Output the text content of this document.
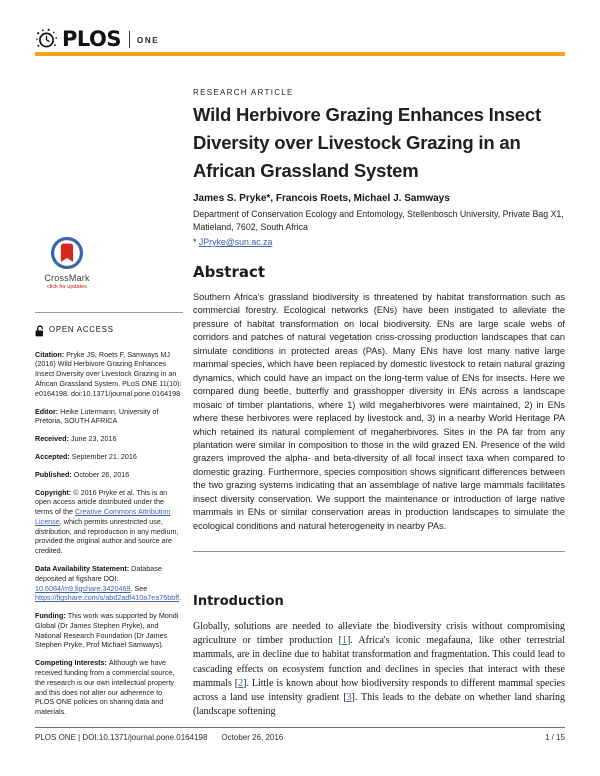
PLOS ONE
CrossMark
click for updates
OPEN ACCESS

Citation: Pryke JS, Roets F, Samways MJ (2016) Wild Herbivore Grazing Enhances Insect Diversity over Livestock Grazing in an African Grassland System. PLoS ONE 11(10): e0164198. doi:10.1371/journal.pone.0164198

Editor: Heike Lutermann, University of Pretoria, SOUTH AFRICA

Received: June 23, 2016

Accepted: September 21, 2016

Published: October 26, 2016

Copyright: © 2016 Pryke et al. This is an open access article distributed under the terms of the Creative Commons Attribution License, which permits unrestricted use, distribution, and reproduction in any medium, provided the original author and source are credited.

Data Availability Statement: Database deposited at figshare DOI: 10.6084/m9.figshare.3420469. See https://figshare.com/s/abd2adf410a7ea75bbff.

Funding: This work was supported by Mondi Global (Dr James Stephen Pryke), and National Research Foundation (Dr James Stephen Pryke, Prof Michael Samways).

Competing Interests: Although we have received funding from a commercial source, the research is our own intellectual property and this does not alter our adherence to PLOS ONE policies on sharing data and materials.

RESEARCH ARTICLE
Wild Herbivore Grazing Enhances Insect Diversity over Livestock Grazing in an African Grassland System
James S. Pryke*, Francois Roets, Michael J. Samways
Department of Conservation Ecology and Entomology, Stellenbosch University, Private Bag X1, Matieland, 7602, South Africa
* JPryke@sun.ac.za
Abstract

Southern Africa's grassland biodiversity is threatened by habitat transformation such as commercial forestry. Ecological networks (ENs) have been instigated to alleviate the pressure of habitat transformation on local biodiversity. ENs are large scale webs of corridors and patches of natural vegetation criss-crossing production landscapes that can simulate conditions in protected areas (PAs). Many ENs have lost many native large mammal species, which have been replaced by domestic livestock to retain natural grazing dynamics, which could have an impact on the long-term value of ENs for insects. Here we compared dung beetle, butterfly and grasshopper diversity in ENs across a landscape mosaic of timber plantations, where 1) wild megaherbivores were maintained, 2) in ENs where these herbivores were replaced by livestock and, 3) in a nearby World Heritage PA which retained its natural complement of megaherbivores. Sites in the PA far from any plantation were similar in composition to those in the wild grazed EN. Presence of the wild grazers improved the alpha- and beta-diversity of all focal insect taxa when compared to domestic grazing. Furthermore, species composition shows significant differences between the two grazing systems indicating that an assemblage of native large mammals facilitates insect diversity conservation. We support the maintenance or introduction of large native mammals in ENs or similar conservation areas in production landscapes to simulate the ecological conditions and natural heterogeneity in nearby PAs.

Introduction

Globally, solutions are needed to alleviate the biodiversity crisis without compromising agriculture or timber production [1]. Africa's iconic megafauna, like other terrestrial mammals, are in decline due to habitat transformation and fragmentation. This could lead to cascading effects on ecosystem function and declines in species that interact with these mammals [2]. Little is known about how biodiversity responds to different mammal species across a land use intensity gradient [3]. This leads to the debate on whether land sharing (landscape softening

PLOS ONE | DOI:10.1371/journal.pone.0164198 October 26, 2016	1 / 15
